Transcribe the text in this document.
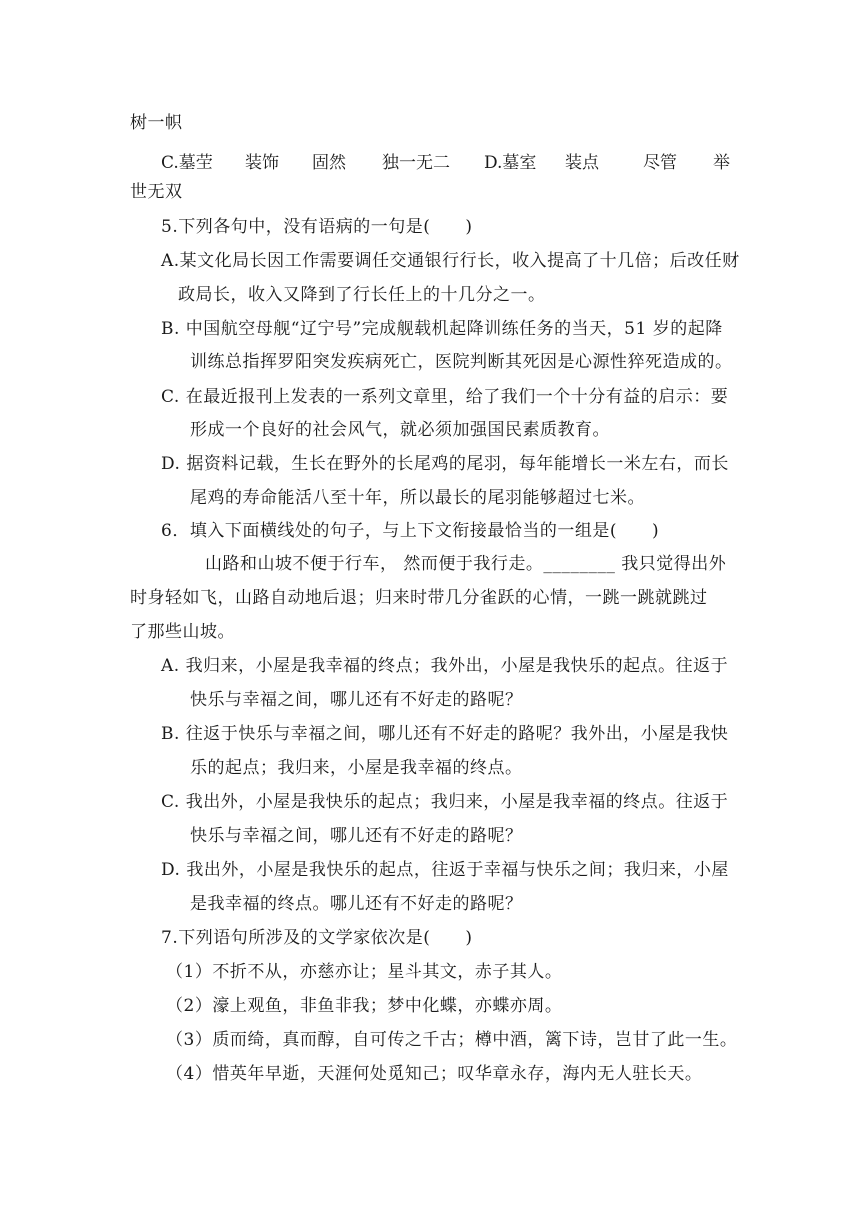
树一帜
C.墓茔 装饰 固然 独一无二 D.墓室 装点	尽管 举
世无双
5.下列各句中，没有语病的一句是(　　)
A.某文化局长因工作需要调任交通银行行长，收入提高了十几倍；后改任财
政局长，收入又降到了行长任上的十几分之一。
B. 中国航空母舰“辽宁号”完成舰载机起降训练任务的当天，51 岁的起降
训练总指挥罗阳突发疾病死亡，医院判断其死因是心源性猝死造成的。
C. 在最近报刊上发表的一系列文章里，给了我们一个十分有益的启示：要
形成一个良好的社会风气，就必须加强国民素质教育。
D. 据资料记载，生长在野外的长尾鸡的尾羽，每年能增长一米左右，而长
尾鸡的寿命能活八至十年，所以最长的尾羽能够超过七米。
6．填入下面横线处的句子，与上下文衔接最恰当的一组是(　　)
山路和山坡不便于行车， 然而便于我行走。________ 我只觉得出外
时身轻如飞，山路自动地后退；归来时带几分雀跃的心情，一跳一跳就跳过
了那些山坡。
A. 我归来，小屋是我幸福的终点；我外出，小屋是我快乐的起点。往返于
快乐与幸福之间，哪儿还有不好走的路呢？
B. 往返于快乐与幸福之间，哪儿还有不好走的路呢？我外出，小屋是我快
乐的起点；我归来，小屋是我幸福的终点。
C. 我出外，小屋是我快乐的起点；我归来，小屋是我幸福的终点。往返于
快乐与幸福之间，哪儿还有不好走的路呢？
D. 我出外，小屋是我快乐的起点，往返于幸福与快乐之间；我归来，小屋
是我幸福的终点。哪儿还有不好走的路呢？
7.下列语句所涉及的文学家依次是(　　)
（1）不折不从，亦慈亦让；星斗其文，赤子其人。
（2）濠上观鱼，非鱼非我；梦中化蝶，亦蝶亦周。
（3）质而绮，真而醇，自可传之千古；樽中酒，篱下诗，岂甘了此一生。
（4）惜英年早逝，天涯何处觅知己；叹华章永存，海内无人驻长天。
